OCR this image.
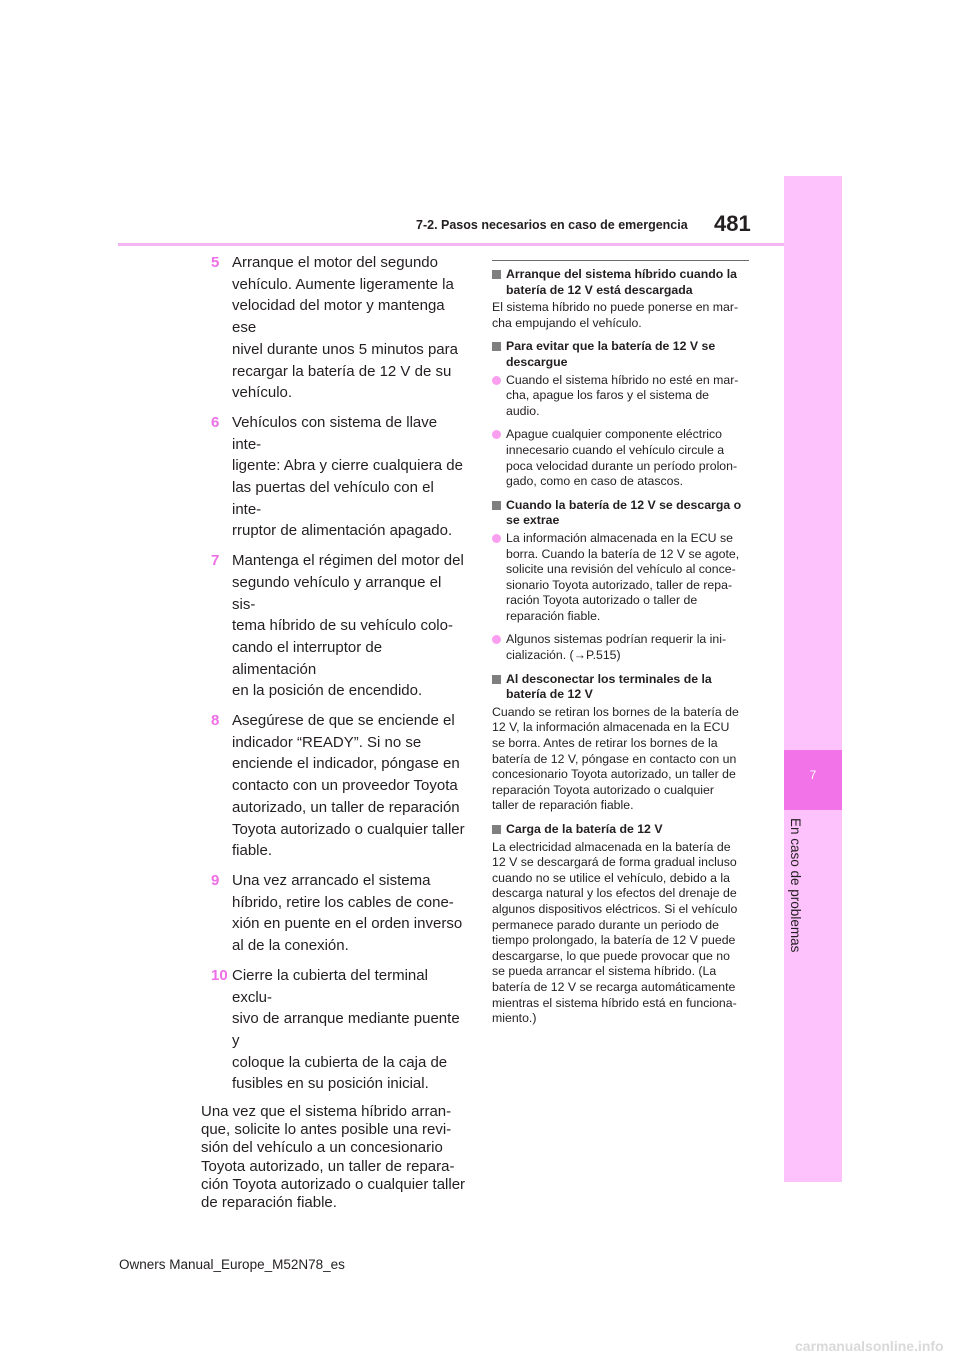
7
En caso de problemas
7-2. Pasos necesarios en caso de emergencia	481
5 Arranque el motor del segundo
vehículo. Aumente ligeramente la
velocidad del motor y mantenga ese
nivel durante unos 5 minutos para
recargar la batería de 12 V de su
vehículo.
6 Vehículos con sistema de llave inte-
ligente: Abra y cierre cualquiera de
las puertas del vehículo con el inte-
rruptor de alimentación apagado.
7 Mantenga el régimen del motor del
segundo vehículo y arranque el sis-
tema híbrido de su vehículo colo-
cando el interruptor de alimentación
en la posición de encendido.
8 Asegúrese de que se enciende el
indicador “READY”. Si no se
enciende el indicador, póngase en
contacto con un proveedor Toyota
autorizado, un taller de reparación
Toyota autorizado o cualquier taller
fiable.
9 Una vez arrancado el sistema
híbrido, retire los cables de cone-
xión en puente en el orden inverso
al de la conexión.
10 Cierre la cubierta del terminal exclu-
sivo de arranque mediante puente y
coloque la cubierta de la caja de
fusibles en su posición inicial.
Una vez que el sistema híbrido arran-
que, solicite lo antes posible una revi-
sión del vehículo a un concesionario
Toyota autorizado, un taller de repara-
ción Toyota autorizado o cualquier taller
de reparación fiable.
Arranque del sistema híbrido cuando la
batería de 12 V está descargada
El sistema híbrido no puede ponerse en mar-
cha empujando el vehículo.
Para evitar que la batería de 12 V se
descargue
Cuando el sistema híbrido no esté en mar-
cha, apague los faros y el sistema de
audio.
Apague cualquier componente eléctrico
innecesario cuando el vehículo circule a
poca velocidad durante un período prolon-
gado, como en caso de atascos.
Cuando la batería de 12 V se descarga o
se extrae
La información almacenada en la ECU se
borra. Cuando la batería de 12 V se agote,
solicite una revisión del vehículo al conce-
sionario Toyota autorizado, taller de repa-
ración Toyota autorizado o taller de
reparación fiable.
Algunos sistemas podrían requerir la ini-
cialización. (→P.515)
Al desconectar los terminales de la
batería de 12 V
Cuando se retiran los bornes de la batería de
12 V, la información almacenada en la ECU
se borra. Antes de retirar los bornes de la
batería de 12 V, póngase en contacto con un
concesionario Toyota autorizado, un taller de
reparación Toyota autorizado o cualquier
taller de reparación fiable.
Carga de la batería de 12 V
La electricidad almacenada en la batería de
12 V se descargará de forma gradual incluso
cuando no se utilice el vehículo, debido a la
descarga natural y los efectos del drenaje de
algunos dispositivos eléctricos. Si el vehículo
permanece parado durante un periodo de
tiempo prolongado, la batería de 12 V puede
descargarse, lo que puede provocar que no
se pueda arrancar el sistema híbrido. (La
batería de 12 V se recarga automáticamente
mientras el sistema híbrido está en funciona-
miento.)
Owners Manual_Europe_M52N78_es
carmanualsonline.info
